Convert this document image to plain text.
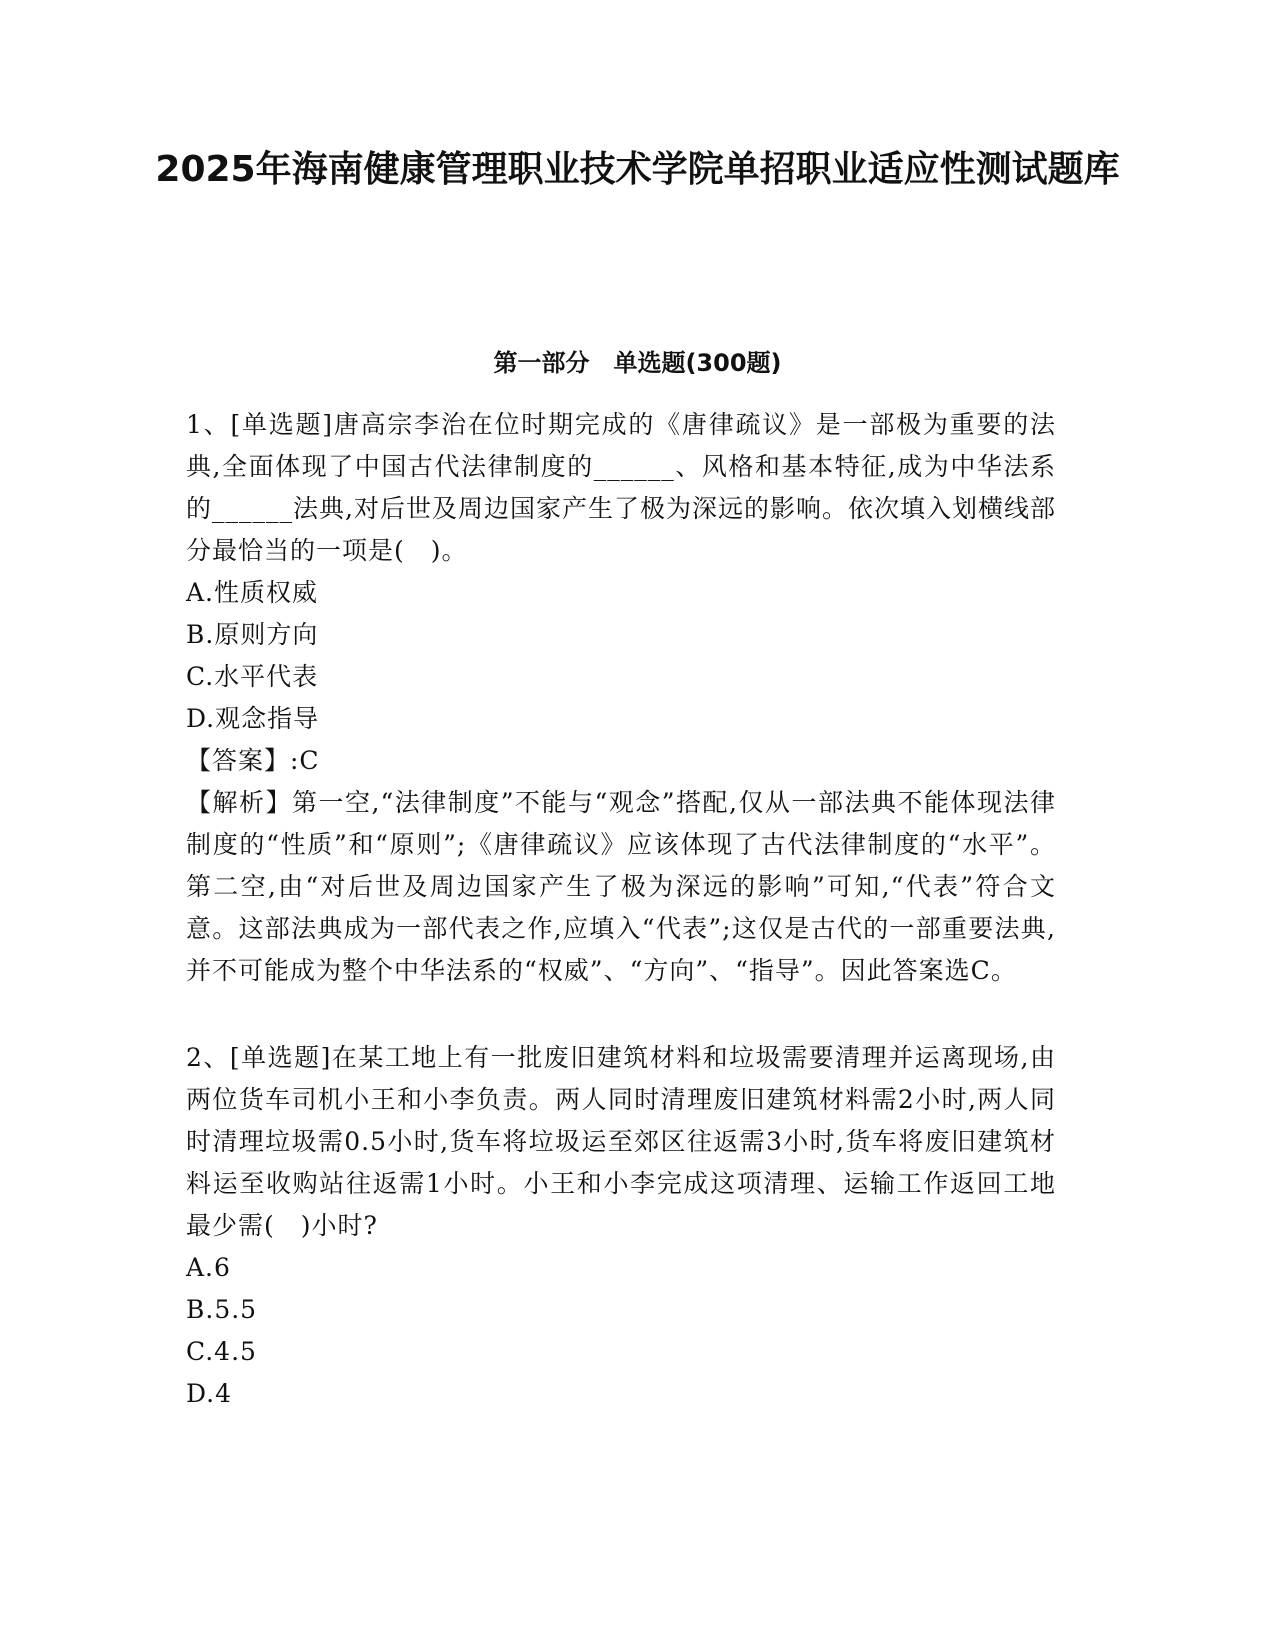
2025年海南健康管理职业技术学院单招职业适应性测试题库
第一部分　单选题(300题)

1、[单选题]唐高宗李治在位时期完成的《唐律疏议》是一部极为重要的法典,全面体现了中国古代法律制度的______、风格和基本特征,成为中华法系的______法典,对后世及周边国家产生了极为深远的影响。依次填入划横线部分最恰当的一项是(　)。

A.性质权威

B.原则方向

C.水平代表

D.观念指导

【答案】:C

【解析】第一空,“法律制度”不能与“观念”搭配,仅从一部法典不能体现法律制度的“性质”和“原则”;《唐律疏议》应该体现了古代法律制度的“水平”。第二空,由“对后世及周边国家产生了极为深远的影响”可知,“代表”符合文意。这部法典成为一部代表之作,应填入“代表”;这仅是古代的一部重要法典,并不可能成为整个中华法系的“权威”、“方向”、“指导”。因此答案选C。

2、[单选题]在某工地上有一批废旧建筑材料和垃圾需要清理并运离现场,由两位货车司机小王和小李负责。两人同时清理废旧建筑材料需2小时,两人同时清理垃圾需0.5小时,货车将垃圾运至郊区往返需3小时,货车将废旧建筑材料运至收购站往返需1小时。小王和小李完成这项清理、运输工作返回工地最少需(　)小时?

A.6

B.5.5

C.4.5

D.4
